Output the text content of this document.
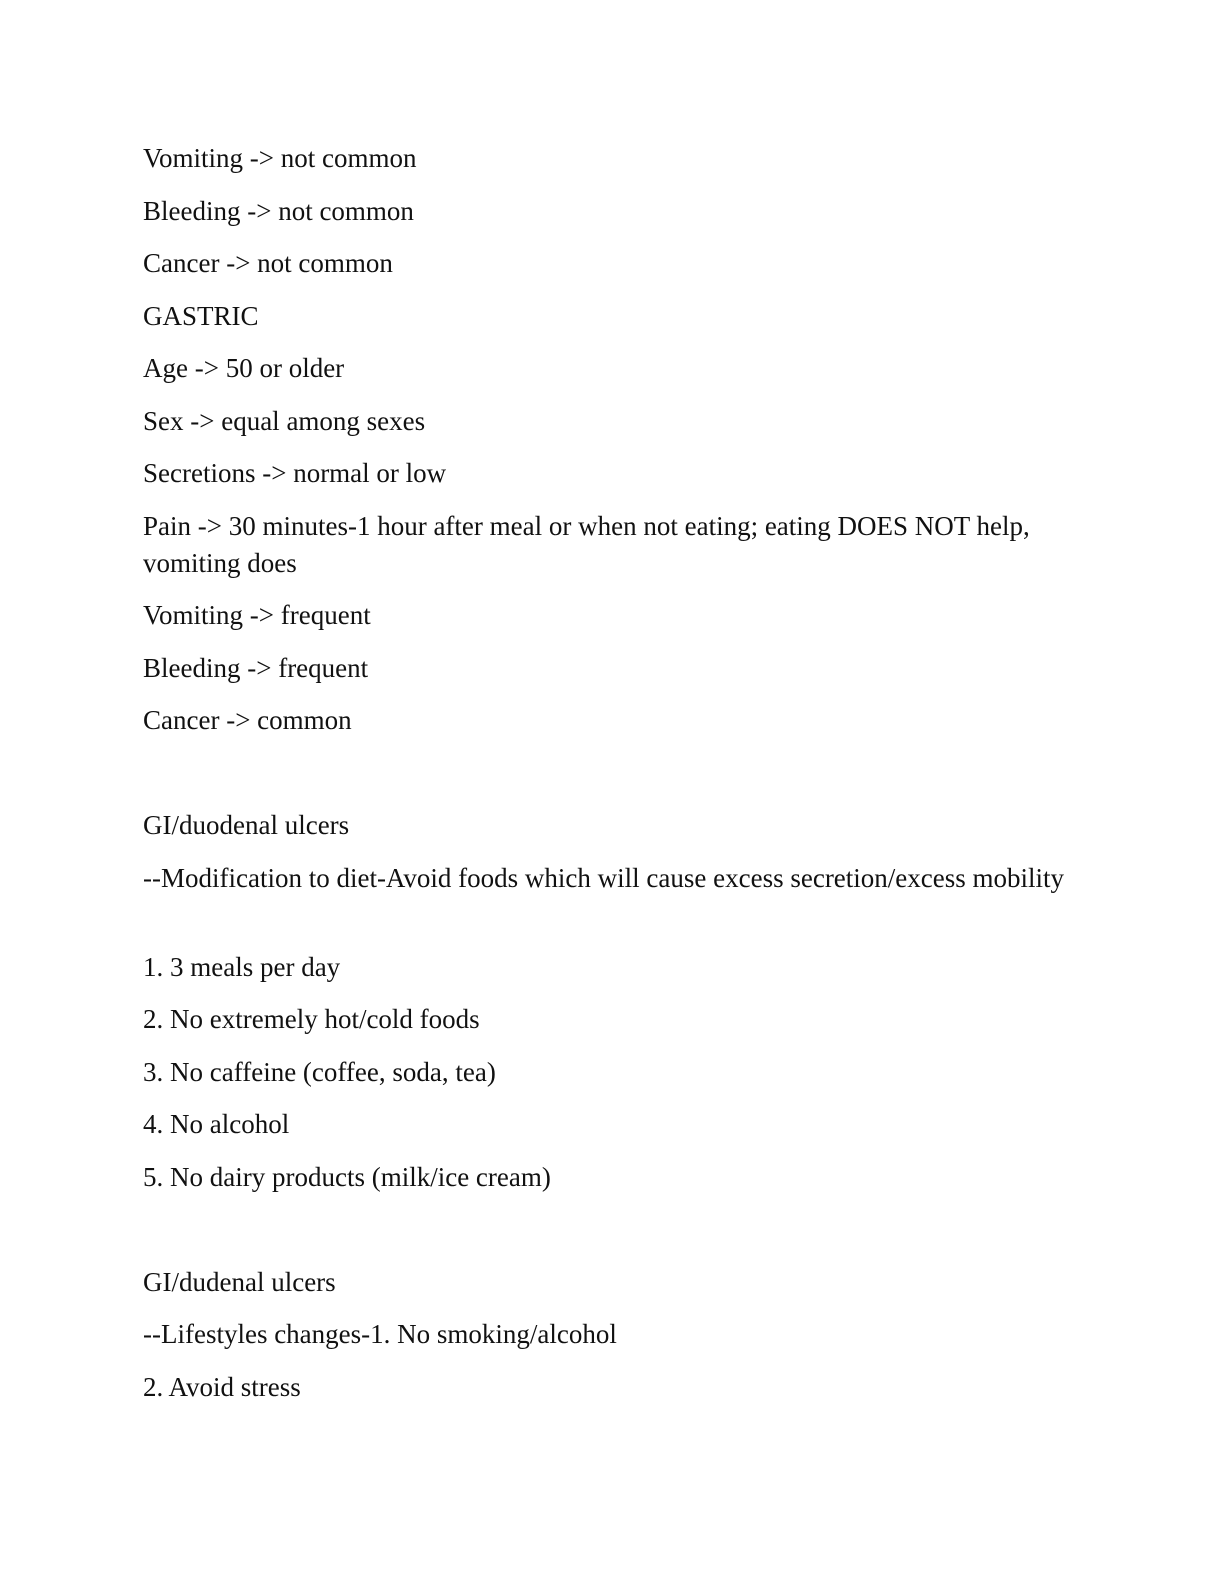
Vomiting -> not common
Bleeding -> not common
Cancer -> not common
GASTRIC
Age -> 50 or older
Sex -> equal among sexes
Secretions -> normal or low
Pain -> 30 minutes-1 hour after meal or when not eating; eating DOES NOT help, vomiting does
Vomiting -> frequent
Bleeding -> frequent
Cancer -> common
GI/duodenal ulcers
--Modification to diet-Avoid foods which will cause excess secretion/excess mobility
1. 3 meals per day
2. No extremely hot/cold foods
3. No caffeine (coffee, soda, tea)
4. No alcohol
5. No dairy products (milk/ice cream)
GI/dudenal ulcers
--Lifestyles changes-1. No smoking/alcohol
2. Avoid stress
